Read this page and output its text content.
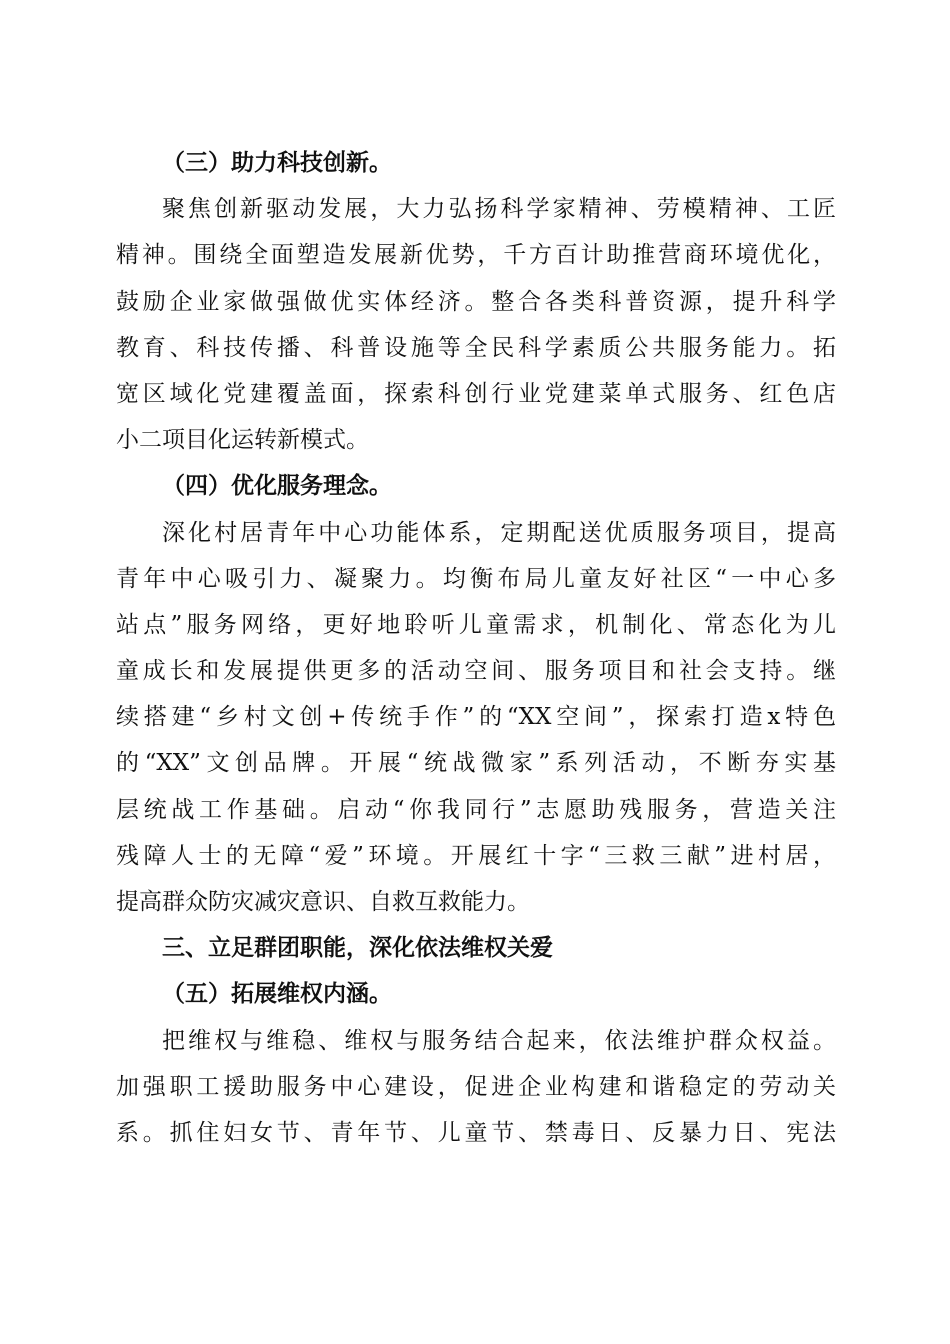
（三）助力科技创新。
聚焦创新驱动发展，大力弘扬科学家精神、劳模精神、工匠
精神。围绕全面塑造发展新优势，千方百计助推营商环境优化，
鼓励企业家做强做优实体经济。整合各类科普资源，提升科学
教育、科技传播、科普设施等全民科学素质公共服务能力。拓
宽区域化党建覆盖面，探索科创行业党建菜单式服务、红色店
小二项目化运转新模式。
（四）优化服务理念。
深化村居青年中心功能体系，定期配送优质服务项目，提高
青年中心吸引力、凝聚力。均衡布局儿童友好社区“一中心多
站点”服务网络，更好地聆听儿童需求，机制化、常态化为儿
童成长和发展提供更多的活动空间、服务项目和社会支持。继
续搭建“乡村文创+传统手作”的“XX空间”，探索打造x特色
的“XX”文创品牌。开展“统战微家”系列活动，不断夯实基
层统战工作基础。启动“你我同行”志愿助残服务，营造关注
残障人士的无障“爱”环境。开展红十字“三救三献”进村居，
提高群众防灾减灾意识、自救互救能力。
三、立足群团职能，深化依法维权关爱
（五）拓展维权内涵。
把维权与维稳、维权与服务结合起来，依法维护群众权益。
加强职工援助服务中心建设，促进企业构建和谐稳定的劳动关
系。抓住妇女节、青年节、儿童节、禁毒日、反暴力日、宪法
